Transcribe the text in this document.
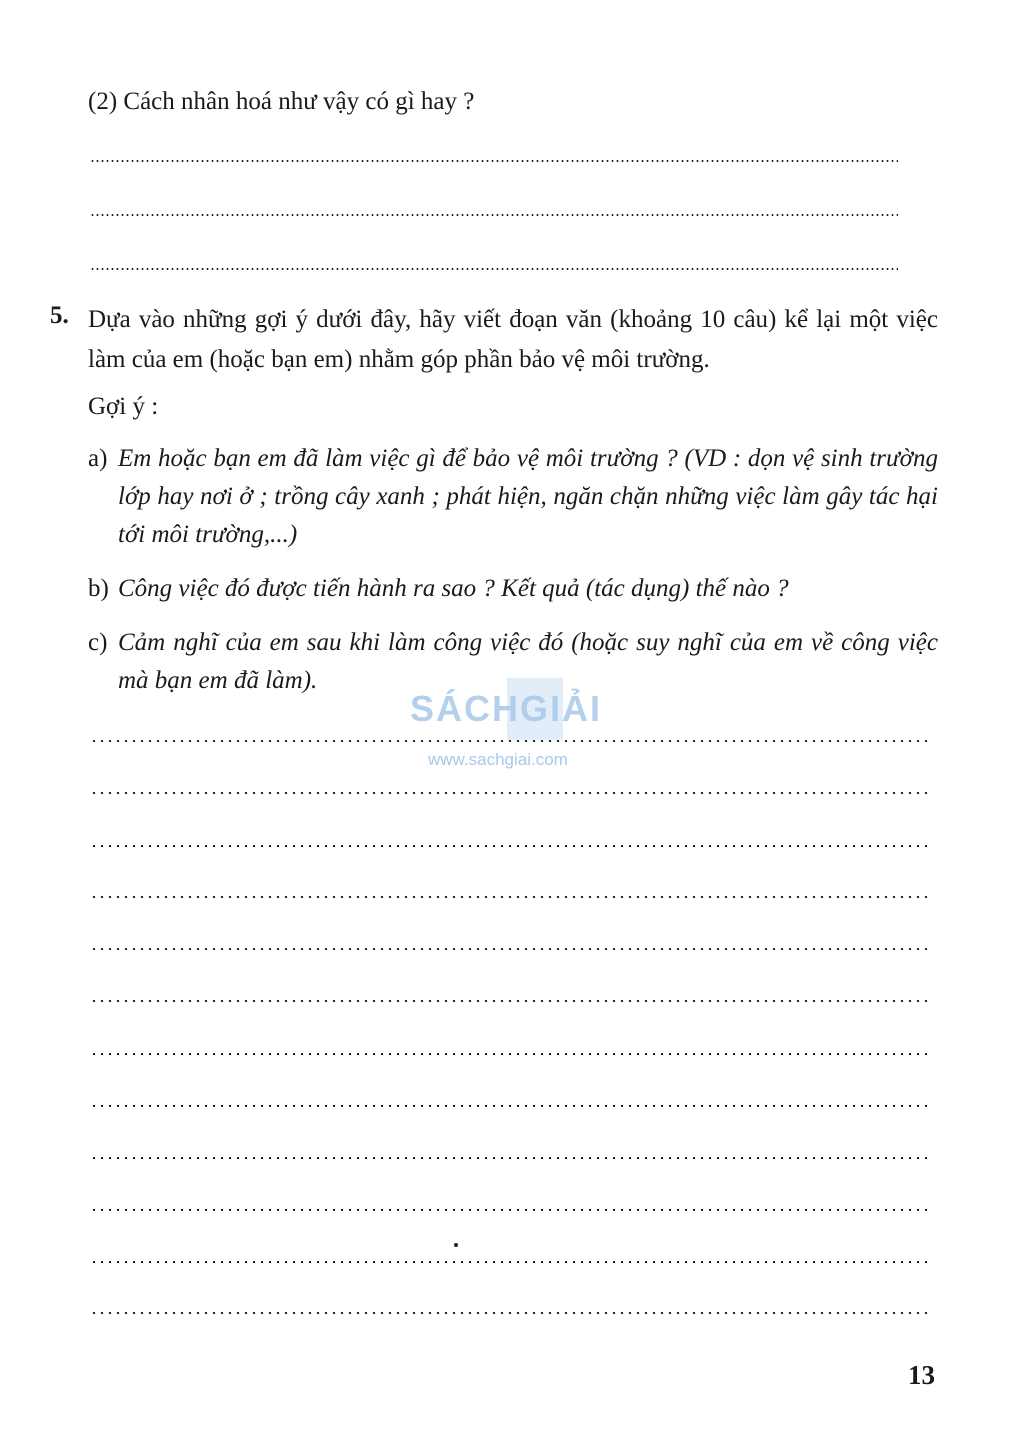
(2) Cách nhân hoá như vậy có gì hay ?
5. Dựa vào những gợi ý dưới đây, hãy viết đoạn văn (khoảng 10 câu) kể lại một việc làm của em (hoặc bạn em) nhằm góp phần bảo vệ môi trường.
Gợi ý :
a) Em hoặc bạn em đã làm việc gì để bảo vệ môi trường ? (VD : dọn vệ sinh trường lớp hay nơi ở ; trồng cây xanh ; phát hiện, ngăn chặn những việc làm gây tác hại tới môi trường,...)
b) Công việc đó được tiến hành ra sao ? Kết quả (tác dụng) thế nào ?
c) Cảm nghĩ của em sau khi làm công việc đó (hoặc suy nghĩ của em về công việc mà bạn em đã làm).
SÁCHGIẢI
www.sachgiai.com
13
